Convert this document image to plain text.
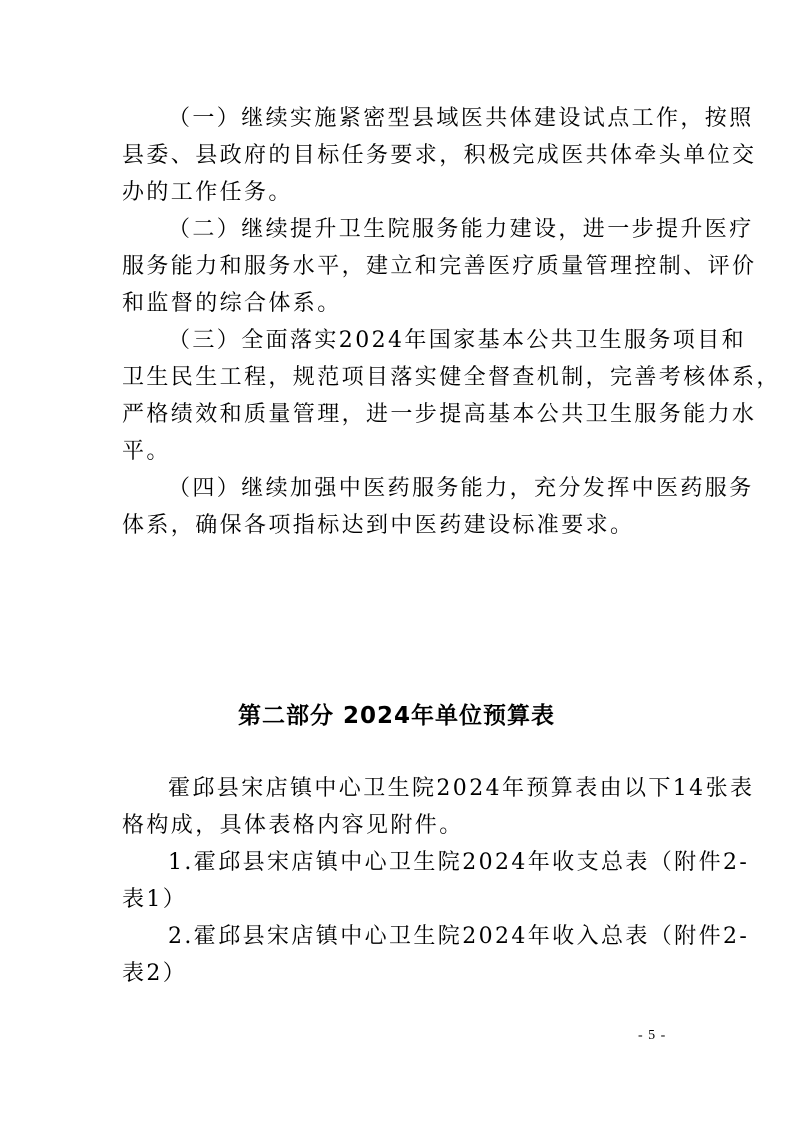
（一）继续实施紧密型县域医共体建设试点工作，按照
县委、县政府的目标任务要求，积极完成医共体牵头单位交
办的工作任务。
（二）继续提升卫生院服务能力建设，进一步提升医疗
服务能力和服务水平，建立和完善医疗质量管理控制、评价
和监督的综合体系。
（三）全面落实2024年国家基本公共卫生服务项目和
卫生民生工程，规范项目落实健全督查机制，完善考核体系，
严格绩效和质量管理，进一步提高基本公共卫生服务能力水
平。
（四）继续加强中医药服务能力，充分发挥中医药服务
体系，确保各项指标达到中医药建设标准要求。
第二部分 2024年单位预算表
霍邱县宋店镇中心卫生院2024年预算表由以下14张表
格构成，具体表格内容见附件。
1.霍邱县宋店镇中心卫生院2024年收支总表（附件2-
表1）
2.霍邱县宋店镇中心卫生院2024年收入总表（附件2-
表2）
- 5 -
